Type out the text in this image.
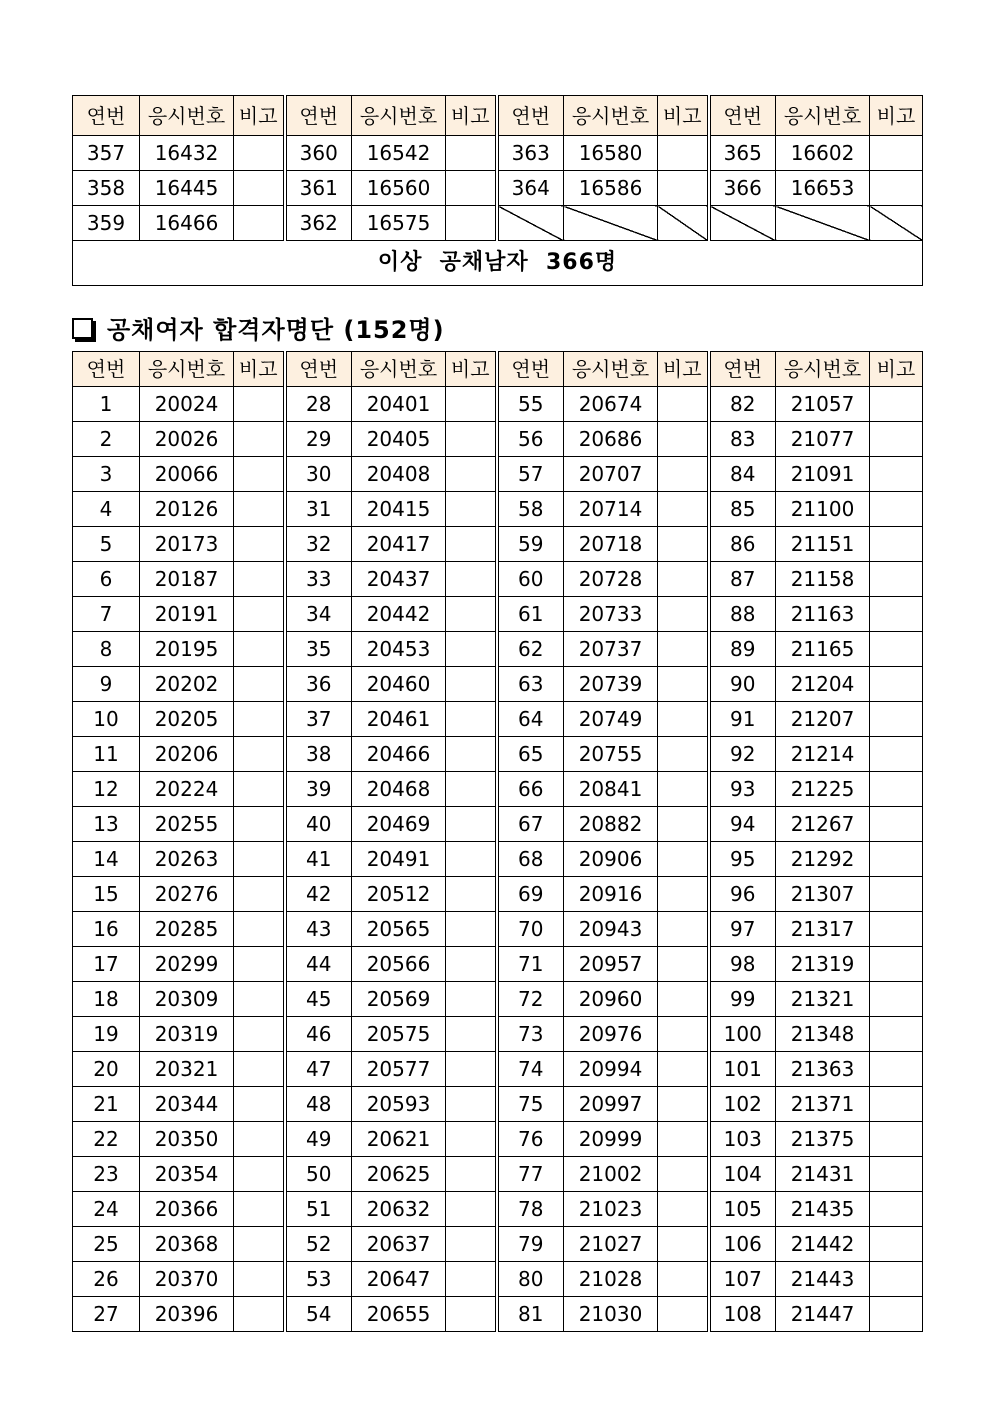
연번	응시번호	비고	연번	응시번호	비고	연번	응시번호	비고	연번	응시번호	비고
357	16432		360	16542		363	16580		365	16602	
358	16445		361	16560		364	16586		366	16653	
359	16466		362	16575							
이상  공채남자  366명											
공채여자 합격자명단 (152명)
연번	응시번호	비고	연번	응시번호	비고	연번	응시번호	비고	연번	응시번호	비고
1	20024		28	20401		55	20674		82	21057	
2	20026		29	20405		56	20686		83	21077	
3	20066		30	20408		57	20707		84	21091	
4	20126		31	20415		58	20714		85	21100	
5	20173		32	20417		59	20718		86	21151	
6	20187		33	20437		60	20728		87	21158	
7	20191		34	20442		61	20733		88	21163	
8	20195		35	20453		62	20737		89	21165	
9	20202		36	20460		63	20739		90	21204	
10	20205		37	20461		64	20749		91	21207	
11	20206		38	20466		65	20755		92	21214	
12	20224		39	20468		66	20841		93	21225	
13	20255		40	20469		67	20882		94	21267	
14	20263		41	20491		68	20906		95	21292	
15	20276		42	20512		69	20916		96	21307	
16	20285		43	20565		70	20943		97	21317	
17	20299		44	20566		71	20957		98	21319	
18	20309		45	20569		72	20960		99	21321	
19	20319		46	20575		73	20976		100	21348	
20	20321		47	20577		74	20994		101	21363	
21	20344		48	20593		75	20997		102	21371	
22	20350		49	20621		76	20999		103	21375	
23	20354		50	20625		77	21002		104	21431	
24	20366		51	20632		78	21023		105	21435	
25	20368		52	20637		79	21027		106	21442	
26	20370		53	20647		80	21028		107	21443	
27	20396		54	20655		81	21030		108	21447	
